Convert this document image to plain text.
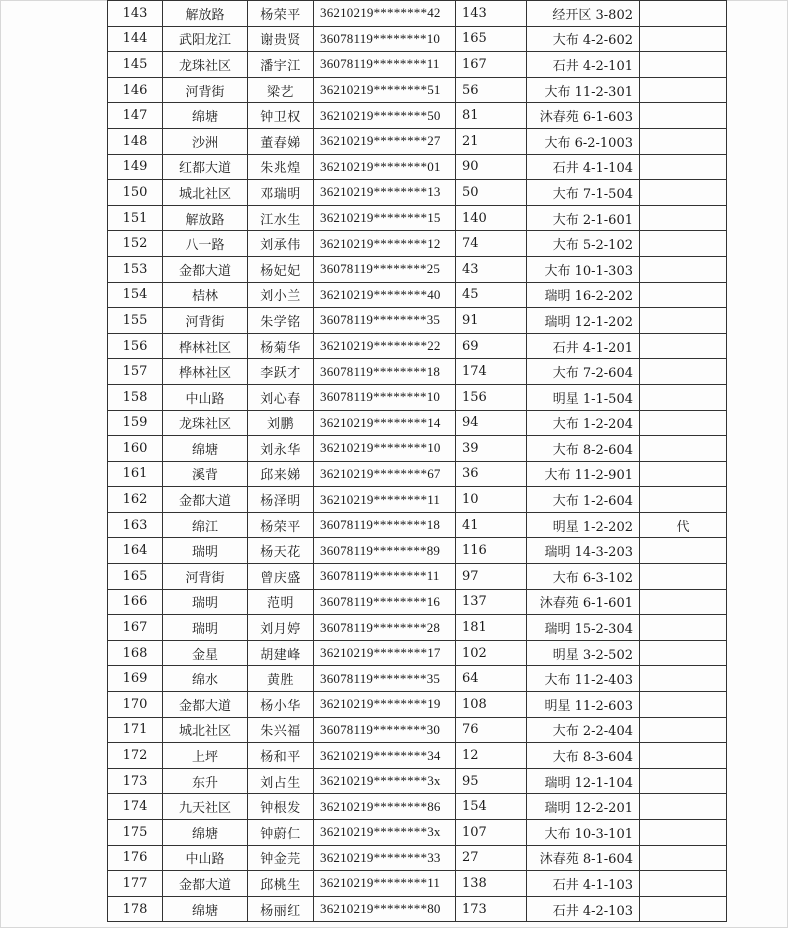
143	解放路	杨荣平	36210219********42	143	经开区 3-802	
144	武阳龙江	谢贵贤	36078119********10	165	大布 4-2-602	
145	龙珠社区	潘宇江	36078119********11	167	石井 4-2-101	
146	河背街	梁艺	36210219********51	56	大布 11-2-301	
147	绵塘	钟卫权	36210219********50	81	沐春苑 6-1-603	
148	沙洲	董春娣	36210219********27	21	大布 6-2-1003	
149	红都大道	朱兆煌	36210219********01	90	石井 4-1-104	
150	城北社区	邓瑞明	36210219********13	50	大布 7-1-504	
151	解放路	江水生	36210219********15	140	大布 2-1-601	
152	八一路	刘承伟	36210219********12	74	大布 5-2-102	
153	金都大道	杨妃妃	36078119********25	43	大布 10-1-303	
154	桔林	刘小兰	36210219********40	45	瑞明 16-2-202	
155	河背街	朱学铭	36078119********35	91	瑞明 12-1-202	
156	桦林社区	杨菊华	36210219********22	69	石井 4-1-201	
157	桦林社区	李跃才	36078119********18	174	大布 7-2-604	
158	中山路	刘心春	36078119********10	156	明星 1-1-504	
159	龙珠社区	刘鹏	36210219********14	94	大布 1-2-204	
160	绵塘	刘永华	36210219********10	39	大布 8-2-604	
161	溪背	邱来娣	36210219********67	36	大布 11-2-901	
162	金都大道	杨泽明	36210219********11	10	大布 1-2-604	
163	绵江	杨荣平	36078119********18	41	明星 1-2-202	代
164	瑞明	杨天花	36078119********89	116	瑞明 14-3-203	
165	河背街	曾庆盛	36078119********11	97	大布 6-3-102	
166	瑞明	范明	36078119********16	137	沐春苑 6-1-601	
167	瑞明	刘月婷	36078119********28	181	瑞明 15-2-304	
168	金星	胡建峰	36210219********17	102	明星 3-2-502	
169	绵水	黄胜	36078119********35	64	大布 11-2-403	
170	金都大道	杨小华	36210219********19	108	明星 11-2-603	
171	城北社区	朱兴福	36078119********30	76	大布 2-2-404	
172	上坪	杨和平	36210219********34	12	大布 8-3-604	
173	东升	刘占生	36210219********3x	95	瑞明 12-1-104	
174	九天社区	钟根发	36210219********86	154	瑞明 12-2-201	
175	绵塘	钟蔚仁	36210219********3x	107	大布 10-3-101	
176	中山路	钟金芫	36210219********33	27	沐春苑 8-1-604	
177	金都大道	邱桃生	36210219********11	138	石井 4-1-103	
178	绵塘	杨丽红	36210219********80	173	石井 4-2-103	
